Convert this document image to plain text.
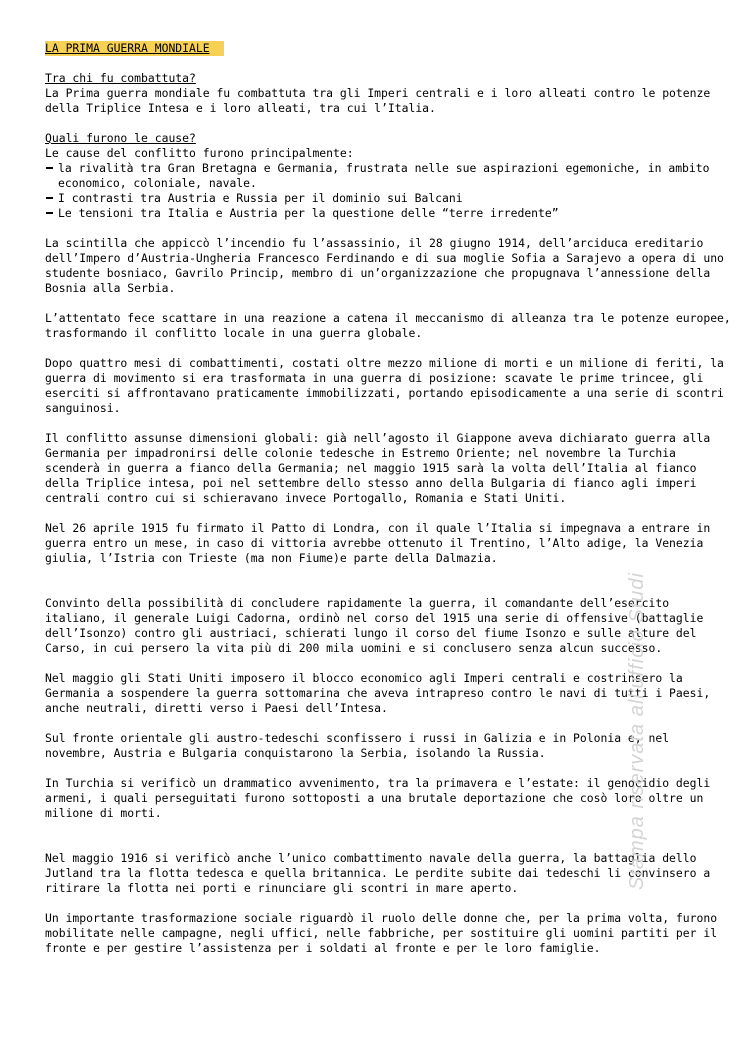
LA PRIMA GUERRA MONDIALE

Tra chi fu combattuta?

La Prima guerra mondiale fu combattuta tra gli Imperi centrali e i loro alleati contro le potenze della Triplice Intesa e i loro alleati, tra cui l’Italia.

Quali furono le cause?

Le cause del conflitto furono principalmente:

la rivalità tra Gran Bretagna e Germania, frustrata nelle sue aspirazioni egemoniche, in ambito economico, coloniale, navale.
I contrasti tra Austria e Russia per il dominio sui Balcani
Le tensioni tra Italia e Austria per la questione delle “terre irredente”

La scintilla che appiccò l’incendio fu l’assassinio, il 28 giugno 1914, dell’arciduca ereditario dell’Impero d’Austria-Ungheria Francesco Ferdinando e di sua moglie Sofia a Sarajevo a opera di uno studente bosniaco, Gavrilo Princip, membro di un’organizzazione che propugnava l’annessione della Bosnia alla Serbia.

L’attentato fece scattare in una reazione a catena il meccanismo di alleanza tra le potenze europee, trasformando il conflitto locale in una guerra globale.

Dopo quattro mesi di combattimenti, costati oltre mezzo milione di morti e un milione di feriti, la guerra di movimento si era trasformata in una guerra di posizione: scavate le prime trincee, gli eserciti si affrontavano praticamente immobilizzati, portando episodicamente a una serie di scontri sanguinosi.

Il conflitto assunse dimensioni globali: già nell’agosto il Giappone aveva dichiarato guerra alla Germania per impadronirsi delle colonie tedesche in Estremo Oriente; nel novembre la Turchia scenderà in guerra a fianco della Germania; nel maggio 1915 sarà la volta dell’Italia al fianco della Triplice intesa, poi nel settembre dello stesso anno della Bulgaria di fianco agli imperi centrali contro cui si schieravano invece Portogallo, Romania e Stati Uniti.

Nel 26 aprile 1915 fu firmato il Patto di Londra, con il quale l’Italia si impegnava a entrare in guerra entro un mese, in caso di vittoria avrebbe ottenuto il Trentino, l’Alto adige, la Venezia giulia, l’Istria con Trieste (ma non Fiume)e parte della Dalmazia.

Convinto della possibilità di concludere rapidamente la guerra, il comandante dell’esercito italiano, il generale Luigi Cadorna, ordinò nel corso del 1915 una serie di offensive (battaglie dell’Isonzo) contro gli austriaci, schierati lungo il corso del fiume Isonzo e sulle alture del Carso, in cui persero la vita più di 200 mila uomini e si conclusero senza alcun successo.

Nel maggio gli Stati Uniti imposero il blocco economico agli Imperi centrali e costrinsero la Germania a sospendere la guerra sottomarina che aveva intrapreso contro le navi di tutti i Paesi, anche neutrali, diretti verso i Paesi dell’Intesa.

Sul fronte orientale gli austro-tedeschi sconfissero i russi in Galizia e in Polonia e, nel novembre, Austria e Bulgaria conquistarono la Serbia, isolando la Russia.

In Turchia si verificò un drammatico avvenimento, tra la primavera e l’estate: il genocidio degli armeni, i quali perseguitati furono sottoposti a una brutale deportazione che cosò loro oltre un milione di morti.

Nel maggio 1916 si verificò anche l’unico combattimento navale della guerra, la battaglia dello Jutland tra la flotta tedesca e quella britannica. Le perdite subite dai tedeschi li convinsero a ritirare la flotta nei porti e rinunciare gli scontri in mare aperto.

Un importante trasformazione sociale riguardò il ruolo delle donne che, per la prima volta, furono mobilitate nelle campagne, negli uffici, nelle fabbriche, per sostituire gli uomini partiti per il fronte e per gestire l’assistenza per i soldati al fronte e per le loro famiglie.

Stampa riservata all'ufficio Studi
